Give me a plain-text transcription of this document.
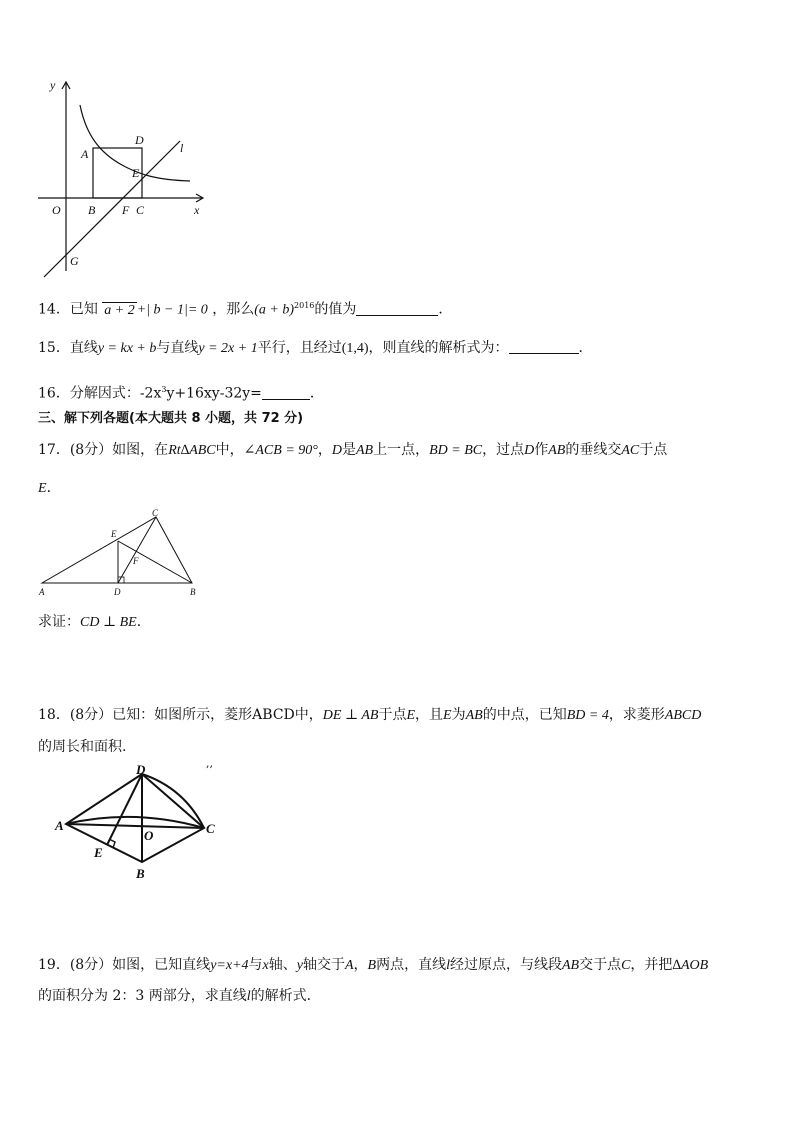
y
x
O
A
D
E
l
B F C
G
14．已知 a + 2 +| b − 1|= 0 ，那么$(a + b)^{2016}$的值为	．
15．直线y = kx + b与直线y = 2x + 1平行，且经过(1,4)，则直线的解析式为：	．
16．分解因式：$-2x^3y+16xy-32y=$	．
三、解下列各题(本大题共 8 小题，共 72 分)
17．(8分）如图，在Rt∆ABC中，∠ACB = 90°，D是AB上一点，BD = BC，过点D作AB的垂线交AC于点
E．
A	B
C
D
E
F
求证：CD ⊥ BE．
18．(8分）已知：如图所示，菱形ABCD中，DE ⊥ AB于点E，且E为AB的中点，已知BD = 4，求菱形ABCD
的周长和面积.
,,
A
B
C
D
E
O
19．(8分）如图，已知直线y=x+4与x轴、y轴交于A，B两点，直线l经过原点，与线段AB交于点C，并把∆AOB
的面积分为 2：3 两部分，求直线l的解析式．
